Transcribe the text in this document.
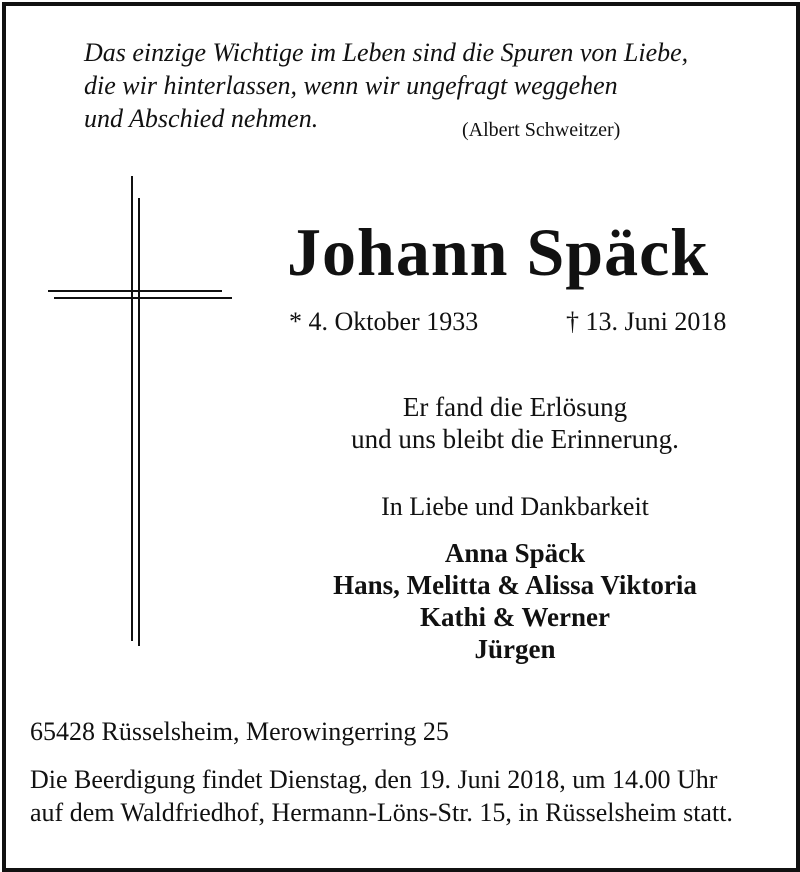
Das einzige Wichtige im Leben sind die Spuren von Liebe,
die wir hinterlassen, wenn wir ungefragt weggehen
und Abschied nehmen.	(Albert Schweitzer)
Johann Späck
* 4. Oktober 1933	† 13. Juni 2018
Er fand die Erlösung
und uns bleibt die Erinnerung.
In Liebe und Dankbarkeit
Anna Späck
Hans, Melitta & Alissa Viktoria
Kathi & Werner
Jürgen
65428 Rüsselsheim, Merowingerring 25
Die Beerdigung findet Dienstag, den 19. Juni 2018, um 14.00 Uhr
auf dem Waldfriedhof, Hermann-Löns-Str. 15, in Rüsselsheim statt.
